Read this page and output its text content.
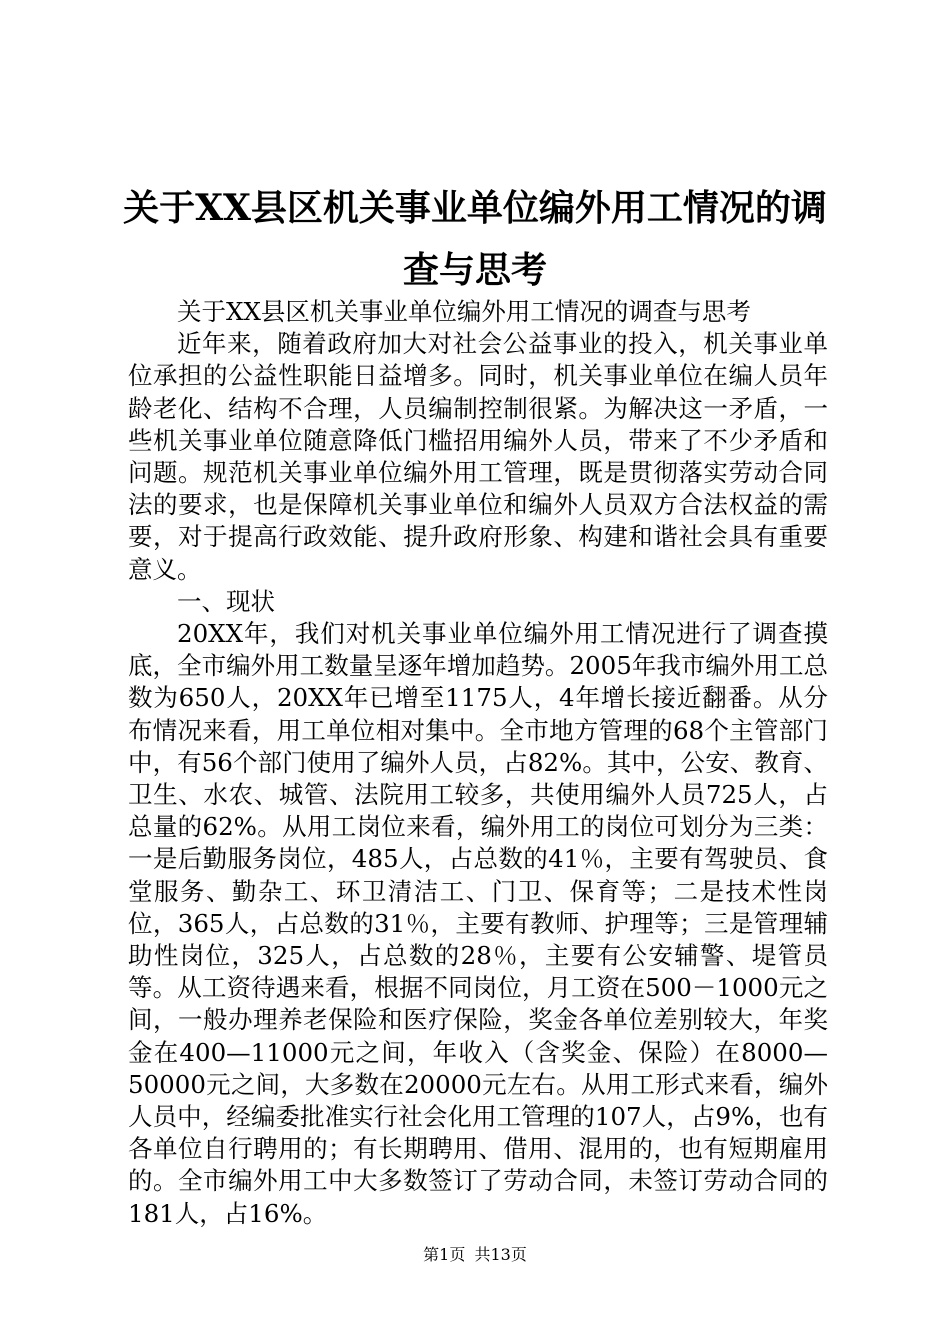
关于XX县区机关事业单位编外用工情况的调
查与思考

关于XX县区机关事业单位编外用工情况的调查与思考

近年来，随着政府加大对社会公益事业的投入，机关事业单位承担的公益性职能日益增多。同时，机关事业单位在编人员年龄老化、结构不合理，人员编制控制很紧。为解决这一矛盾，一些机关事业单位随意降低门槛招用编外人员，带来了不少矛盾和问题。规范机关事业单位编外用工管理，既是贯彻落实劳动合同法的要求，也是保障机关事业单位和编外人员双方合法权益的需要，对于提高行政效能、提升政府形象、构建和谐社会具有重要意义。

一、现状

20XX年，我们对机关事业单位编外用工情况进行了调查摸底，全市编外用工数量呈逐年增加趋势。2005年我市编外用工总数为650人，20XX年已增至1175人，4年增长接近翻番。从分布情况来看，用工单位相对集中。全市地方管理的68个主管部门中，有56个部门使用了编外人员，占82%。其中，公安、教育、卫生、水农、城管、法院用工较多，共使用编外人员725人，占总量的62%。从用工岗位来看，编外用工的岗位可划分为三类：一是后勤服务岗位，485人，占总数的41％，主要有驾驶员、食堂服务、勤杂工、环卫清洁工、门卫、保育等；二是技术性岗位，365人，占总数的31％，主要有教师、护理等；三是管理辅助性岗位，325人，占总数的28％，主要有公安辅警、堤管员等。从工资待遇来看，根据不同岗位，月工资在500－1000元之间，一般办理养老保险和医疗保险，奖金各单位差别较大，年奖金在400—11000元之间，年收入（含奖金、保险）在8000—50000元之间，大多数在20000元左右。从用工形式来看，编外人员中，经编委批准实行社会化用工管理的107人，占9%，也有各单位自行聘用的；有长期聘用、借用、混用的，也有短期雇用的。全市编外用工中大多数签订了劳动合同，未签订劳动合同的181人，占16%。

第1页 共13页
